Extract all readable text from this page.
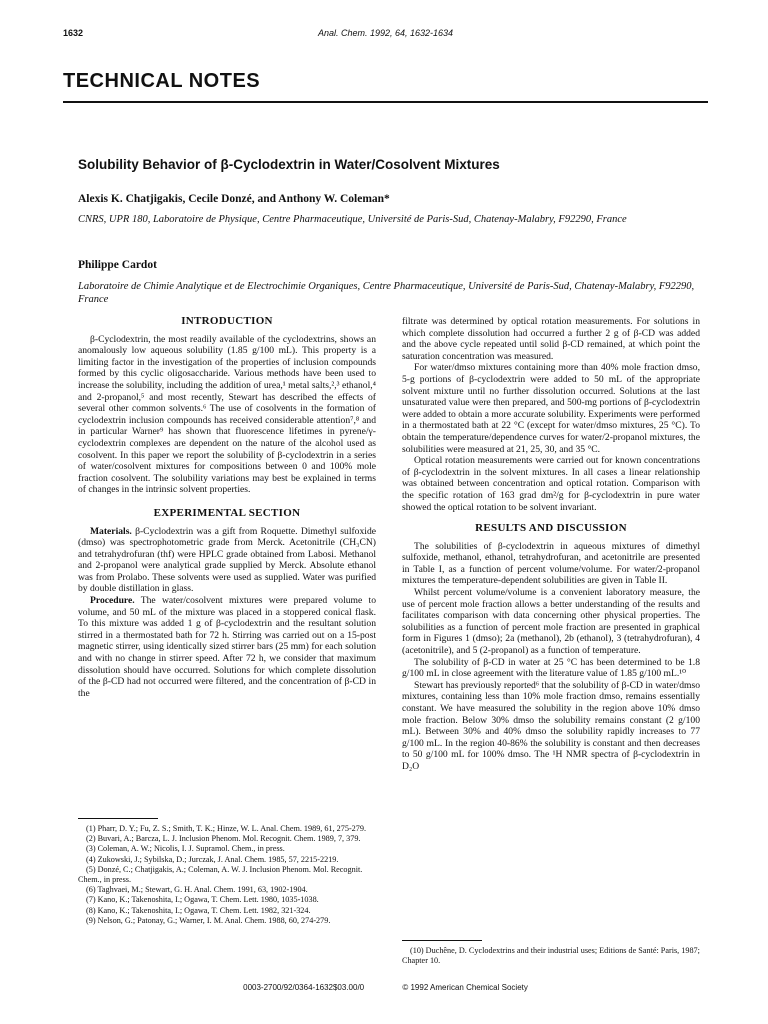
1632	Anal. Chem. 1992, 64, 1632-1634
TECHNICAL NOTES
Solubility Behavior of β-Cyclodextrin in Water/Cosolvent Mixtures
Alexis K. Chatjigakis, Cecile Donzé, and Anthony W. Coleman*
CNRS, UPR 180, Laboratoire de Physique, Centre Pharmaceutique, Université de Paris-Sud, Chatenay-Malabry, F92290, France
Philippe Cardot
Laboratoire de Chimie Analytique et de Electrochimie Organiques, Centre Pharmaceutique, Université de Paris-Sud, Chatenay-Malabry, F92290, France
INTRODUCTION

β-Cyclodextrin, the most readily available of the cyclodextrins, shows an anomalously low aqueous solubility (1.85 g/100 mL). This property is a limiting factor in the investigation of the properties of inclusion compounds formed by this cyclic oligosaccharide. Various methods have been used to increase the solubility, including the addition of urea,¹ metal salts,²,³ ethanol,⁴ and 2-propanol,⁵ and most recently, Stewart has described the effects of several other common solvents.⁶ The use of cosolvents in the formation of cyclodextrin inclusion compounds has received considerable attention⁷,⁸ and in particular Warner⁹ has shown that fluorescence lifetimes in pyrene/γ-cyclodextrin complexes are dependent on the nature of the alcohol used as cosolvent. In this paper we report the solubility of β-cyclodextrin in a series of water/cosolvent mixtures for compositions between 0 and 100% mole fraction cosolvent. The solubility variations may best be explained in terms of changes in the intrinsic solvent properties.

EXPERIMENTAL SECTION

Materials. β-Cyclodextrin was a gift from Roquette. Dimethyl sulfoxide (dmso) was spectrophotometric grade from Merck. Acetonitrile (CH₃CN) and tetrahydrofuran (thf) were HPLC grade obtained from Labosi. Methanol and 2-propanol were analytical grade supplied by Merck. Absolute ethanol was from Prolabo. These solvents were used as supplied. Water was purified by double distillation in glass.

Procedure. The water/cosolvent mixtures were prepared volume to volume, and 50 mL of the mixture was placed in a stoppered conical flask. To this mixture was added 1 g of β-cyclodextrin and the resultant solution stirred in a thermostated bath for 72 h. Stirring was carried out on a 15-post magnetic stirrer, using identically sized stirrer bars (25 mm) for each solution and with no change in stirrer speed. After 72 h, we consider that maximum dissolution should have occurred. Solutions for which complete dissolution of the β-CD had not occurred were filtered, and the concentration of β-CD in the

filtrate was determined by optical rotation measurements. For solutions in which complete dissolution had occurred a further 2 g of β-CD was added and the above cycle repeated until solid β-CD remained, at which point the saturation concentration was measured.

For water/dmso mixtures containing more than 40% mole fraction dmso, 5-g portions of β-cyclodextrin were added to 50 mL of the appropriate solvent mixture until no further dissolution occurred. Solutions at the last unsaturated value were then prepared, and 500-mg portions of β-cyclodextrin were added to obtain a more accurate solubility. Experiments were performed in a thermostated bath at 22 °C (except for water/dmso mixtures, 25 °C). To obtain the temperature/dependence curves for water/2-propanol mixtures, the solubilities were measured at 21, 25, 30, and 35 °C.

Optical rotation measurements were carried out for known concentrations of β-cyclodextrin in the solvent mixtures. In all cases a linear relationship was obtained between concentration and optical rotation. Comparison with the specific rotation of 163 grad dm²/g for β-cyclodextrin in pure water showed the optical rotation to be solvent invariant.

RESULTS AND DISCUSSION

The solubilities of β-cyclodextrin in aqueous mixtures of dimethyl sulfoxide, methanol, ethanol, tetrahydrofuran, and acetonitrile are presented in Table I, as a function of percent volume/volume. For water/2-propanol mixtures the temperature-dependent solubilities are given in Table II.

Whilst percent volume/volume is a convenient laboratory measure, the use of percent mole fraction allows a better understanding of the results and facilitates comparison with data concerning other physical properties. The solubilities as a function of percent mole fraction are presented in graphical form in Figures 1 (dmso); 2a (methanol), 2b (ethanol), 3 (tetrahydrofuran), 4 (acetonitrile), and 5 (2-propanol) as a function of temperature.

The solubility of β-CD in water at 25 °C has been determined to be 1.8 g/100 mL in close agreement with the literature value of 1.85 g/100 mL.¹⁰

Stewart has previously reported⁶ that the solubility of β-CD in water/dmso mixtures, containing less than 10% mole fraction dmso, remains essentially constant. We have measured the solubility in the region above 10% dmso mole fraction. Below 30% dmso the solubility remains constant (2 g/100 mL). Between 30% and 40% dmso the solubility rapidly increases to 77 g/100 mL. In the region 40-86% the solubility is constant and then decreases to 50 g/100 mL for 100% dmso. The ¹H NMR spectra of β-cyclodextrin in D₂O

(1) Pharr, D. Y.; Fu, Z. S.; Smith, T. K.; Hinze, W. L. Anal. Chem. 1989, 61, 275-279.

(2) Buvari, A.; Barcza, L. J. Inclusion Phenom. Mol. Recognit. Chem. 1989, 7, 379.

(3) Coleman, A. W.; Nicolis, I. J. Supramol. Chem., in press.

(4) Zukowski, J.; Sybilska, D.; Jurczak, J. Anal. Chem. 1985, 57, 2215-2219.

(5) Donzé, C.; Chatjigakis, A.; Coleman, A. W. J. Inclusion Phenom. Mol. Recognit. Chem., in press.

(6) Taghvaei, M.; Stewart, G. H. Anal. Chem. 1991, 63, 1902-1904.

(7) Kano, K.; Takenoshita, I.; Ogawa, T. Chem. Lett. 1980, 1035-1038.

(8) Kano, K.; Takenoshita, I.; Ogawa, T. Chem. Lett. 1982, 321-324.

(9) Nelson, G.; Patonay, G.; Warner, I. M. Anal. Chem. 1988, 60, 274-279.

(10) Duchêne, D. Cyclodextrins and their industrial uses; Editions de Santé: Paris, 1987; Chapter 10.

0003-2700/92/0364-1632$03.00/0	© 1992 American Chemical Society
